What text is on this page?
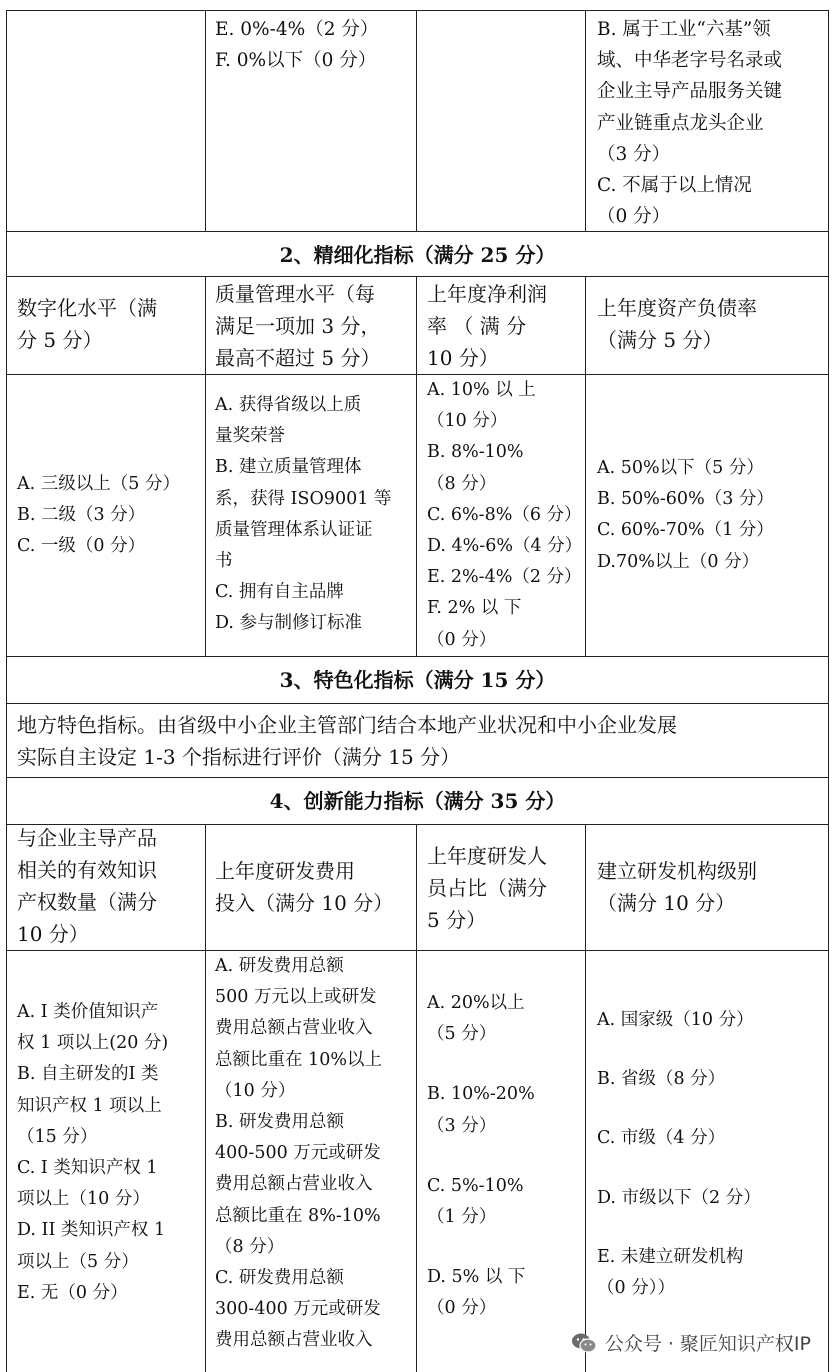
E. 0%-4%（2 分）
F. 0%以下（0 分）
B. 属于工业“六基”领
域、中华老字号名录或
企业主导产品服务关键
产业链重点龙头企业
（3 分）
C. 不属于以上情况
（0 分）
2、精细化指标（满分 25 分）
数字化水平（满
分 5 分）
质量管理水平（每
满足一项加 3 分，
最高不超过 5 分）
上年度净利润
率 （ 满 分
10 分）
上年度资产负债率
（满分 5 分）
A. 三级以上（5 分）
B. 二级（3 分）
C. 一级（0 分）
A. 获得省级以上质
量奖荣誉
B. 建立质量管理体
系，获得 ISO9001 等
质量管理体系认证证
书
C. 拥有自主品牌
D. 参与制修订标准
A. 10% 以 上
（10 分）
B. 8%-10%
（8 分）
C. 6%-8%（6 分）
D. 4%-6%（4 分）
E. 2%-4%（2 分）
F. 2% 以 下
（0 分）
A. 50%以下（5 分）
B. 50%-60%（3 分）
C. 60%-70%（1 分）
D.70%以上（0 分）
3、特色化指标（满分 15 分）
地方特色指标。由省级中小企业主管部门结合本地产业状况和中小企业发展
实际自主设定 1-3 个指标进行评价（满分 15 分）
4、创新能力指标（满分 35 分）
与企业主导产品
相关的有效知识
产权数量（满分
10 分）
上年度研发费用
投入（满分 10 分）
上年度研发人
员占比（满分
5 分）
建立研发机构级别
（满分 10 分）
A. I 类价值知识产
权 1 项以上(20 分)
B. 自主研发的I 类
知识产权 1 项以上
（15 分）
C. I 类知识产权 1
项以上（10 分）
D. II 类知识产权 1
项以上（5 分）
E. 无（0 分）
A. 研发费用总额
500 万元以上或研发
费用总额占营业收入
总额比重在 10%以上
（10 分）
B. 研发费用总额
400-500 万元或研发
费用总额占营业收入
总额比重在 8%-10%
（8 分）
C. 研发费用总额
300-400 万元或研发
费用总额占营业收入
A. 20%以上
（5 分）
B. 10%-20%
（3 分）
C. 5%-10%
（1 分）
D. 5% 以 下
（0 分）
A. 国家级（10 分）
B. 省级（8 分）
C. 市级（4 分）
D. 市级以下（2 分）
E. 未建立研发机构
（0 分））
公众号 · 聚匠知识产权IP
